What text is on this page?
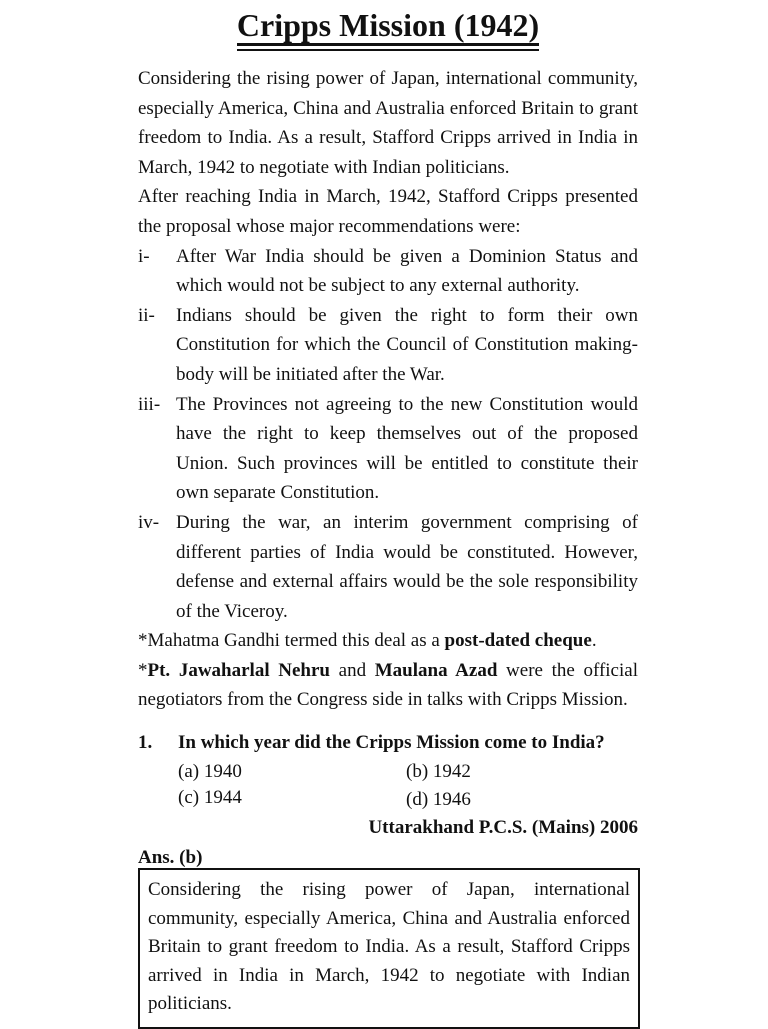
Cripps Mission (1942)

Considering the rising power of Japan, international community, especially America, China and Australia enforced Britain to grant freedom to India. As a result, Stafford Cripps arrived in India in March, 1942 to negotiate with Indian politicians.

After reaching India in March, 1942, Stafford Cripps presented the proposal whose major recommendations were:

i- After War India should be given a Dominion Status and which would not be subject to any external authority.
ii- Indians should be given the right to form their own Constitution for which the Council of Constitution making-body will be initiated after the War.
iii- The Provinces not agreeing to the new Constitution would have the right to keep themselves out of the proposed Union. Such provinces will be entitled to constitute their own separate Constitution.
iv- During the war, an interim government comprising of different parties of India would be constituted. However, defense and external affairs would be the sole responsibility of the Viceroy.

*Mahatma Gandhi termed this deal as a post-dated cheque.

*Pt. Jawaharlal Nehru and Maulana Azad were the official negotiators from the Congress side in talks with Cripps Mission.

1.	In which year did the Cripps Mission come to India?
(a) 1940	(b) 1942
(c) 1944	(d) 1946
Uttarakhand P.C.S. (Mains) 2006
Ans. (b)
Considering the rising power of Japan, international community, especially America, China and Australia enforced Britain to grant freedom to India. As a result, Stafford Cripps arrived in India in March, 1942 to negotiate with Indian politicians.
